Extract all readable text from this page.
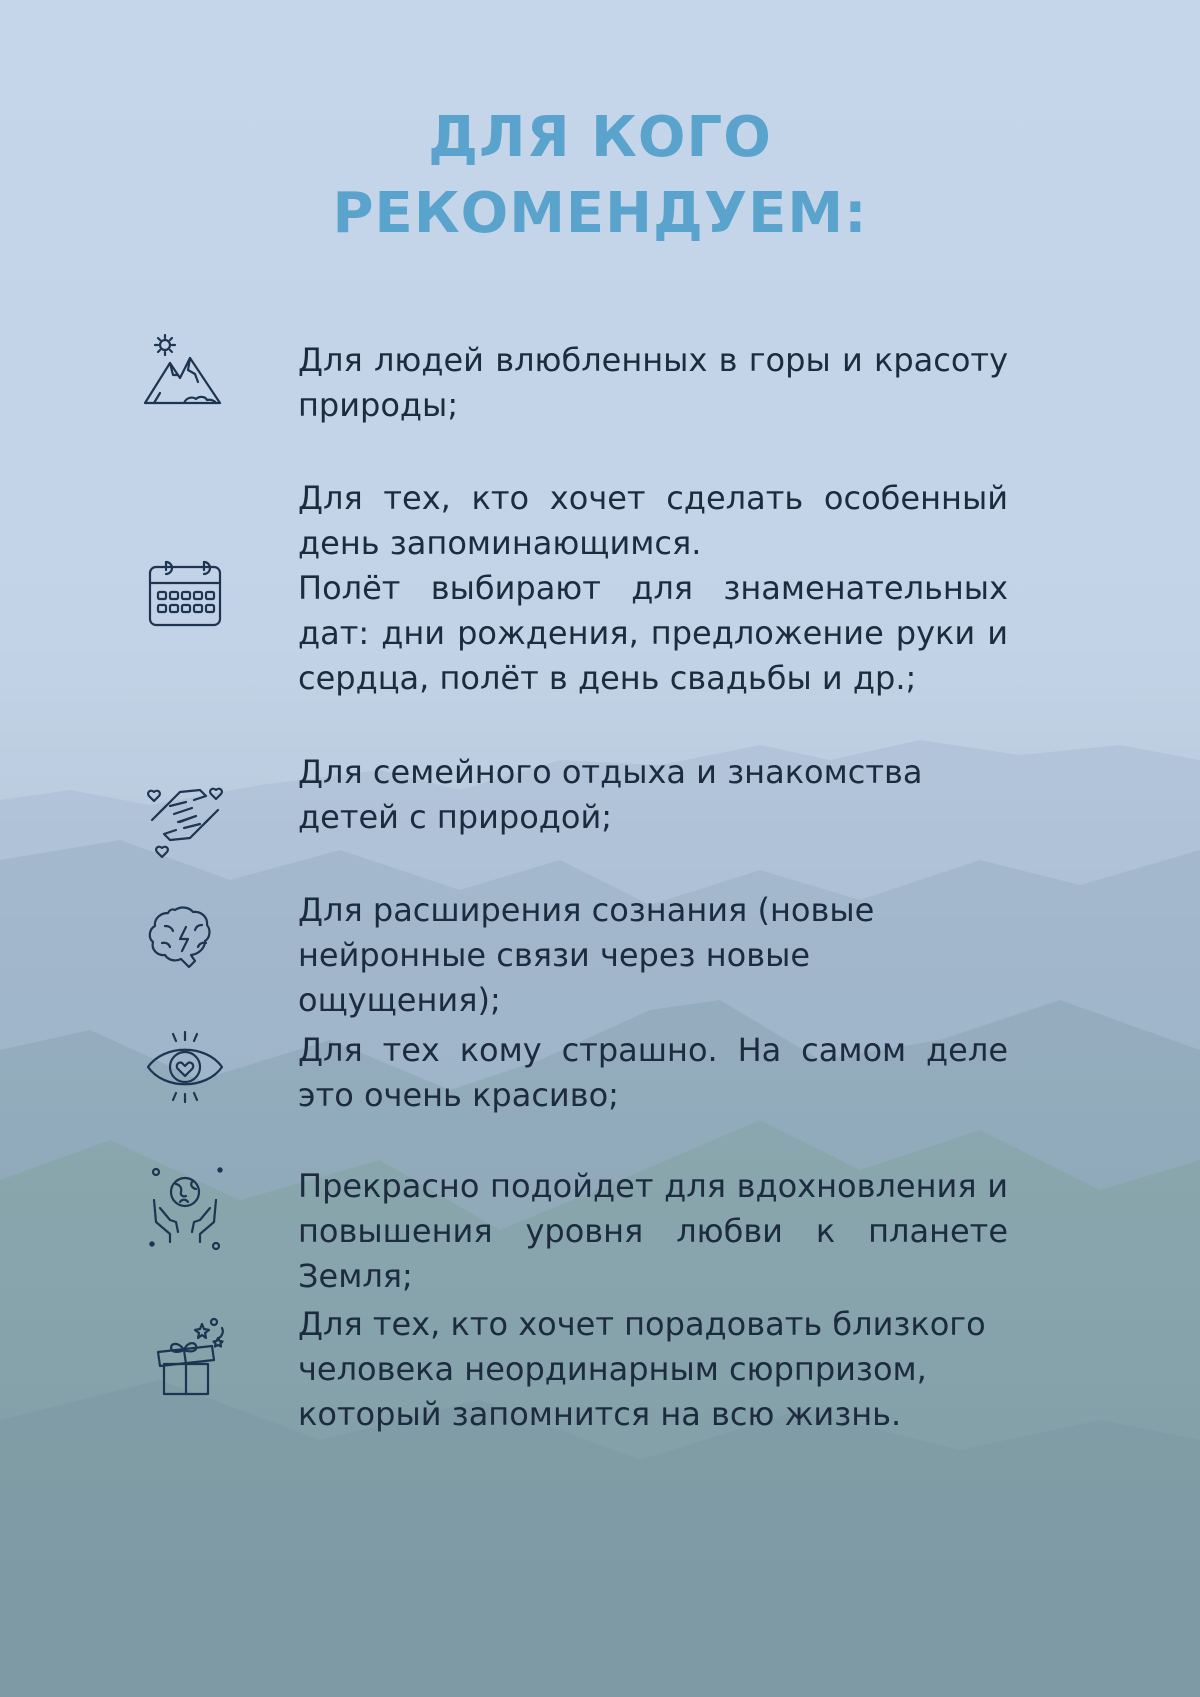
ДЛЯ КОГО
РЕКОМЕНДУЕМ:
Для людей влюбленных в горы и красоту природы;

Для тех, кто хочет сделать особенный день запоминающимся.

Полёт выбирают для знаменательных дат: дни рождения, предложение руки и сердца, полёт в день свадьбы и др.;

Для семейного отдыха и знакомства детей с природой;
Для расширения сознания (новые нейронные связи через новые ощущения);
Для тех кому страшно. На самом деле это очень красиво;
Прекрасно подойдет для вдохновления и повышения уровня любви к планете Земля;
Для тех, кто хочет порадовать близкого человека неординарным сюрпризом, который запомнится на всю жизнь.
